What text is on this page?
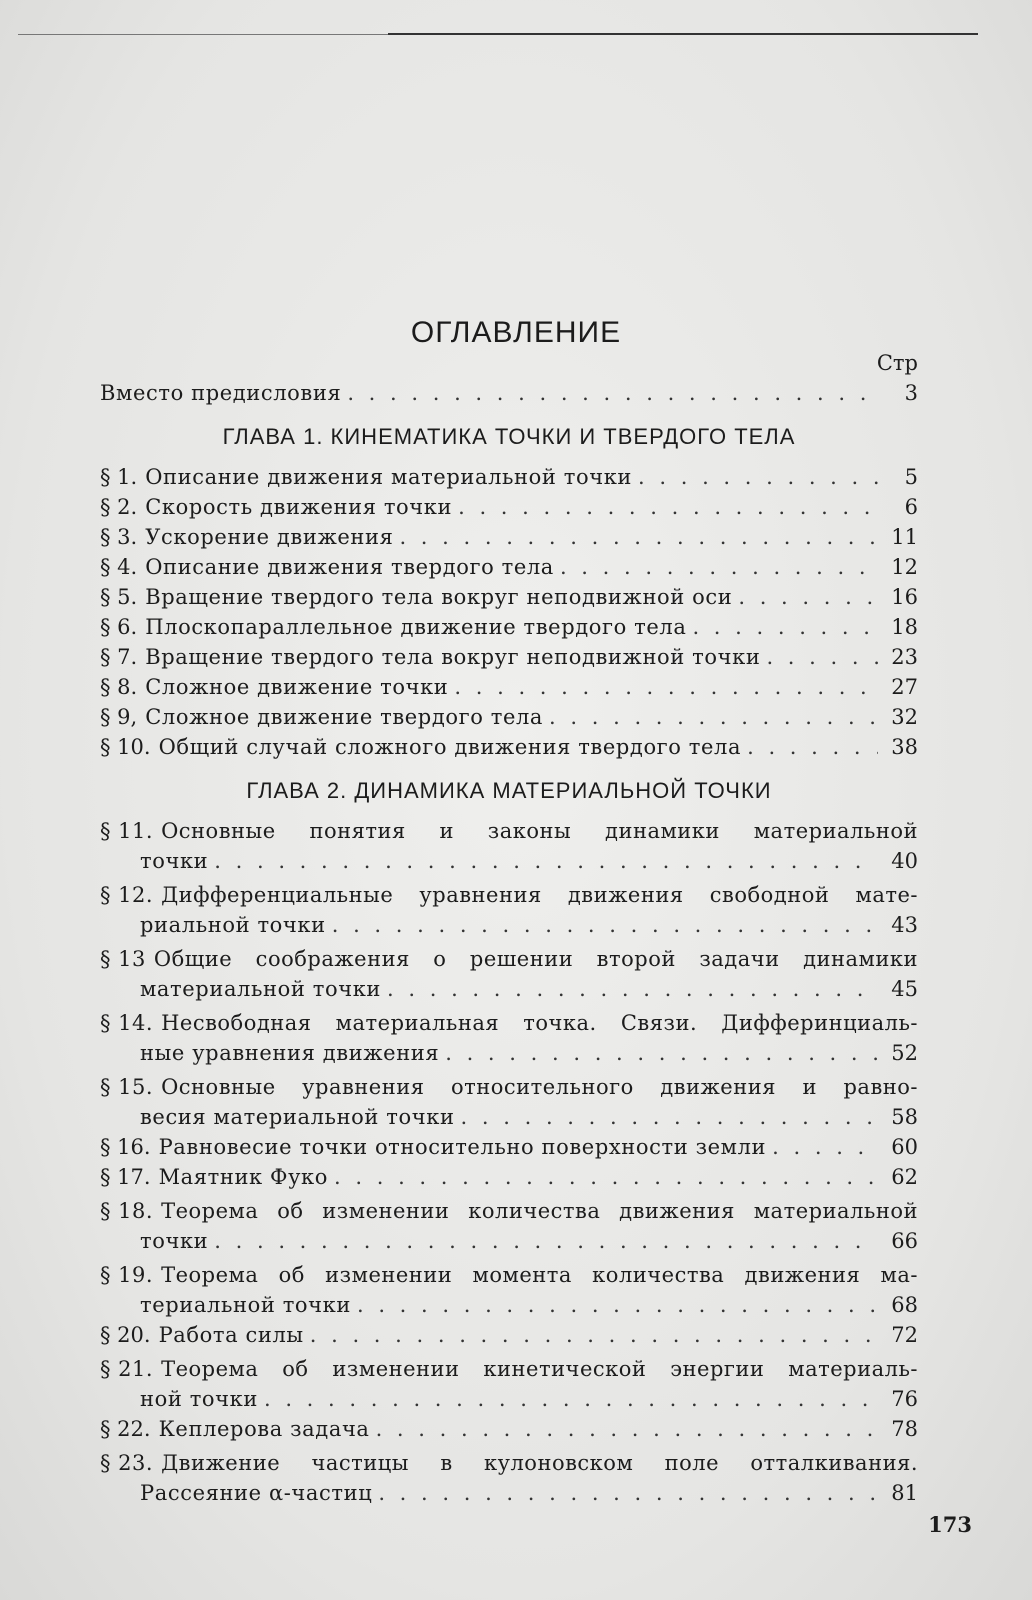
ОГЛАВЛЕНИЕ
Стр
Вместо предисловия . . .	3
ГЛАВА 1. КИНЕМАТИКА ТОЧКИ И ТВЕРДОГО ТЕЛА
§ 1. Описание движения материальной точки . . .	5
§ 2. Скорость движения точки . . .	6
§ 3. Ускорение движения . . .	11
§ 4. Описание движения твердого тела . . .	12
§ 5. Вращение твердого тела вокруг неподвижной оси . . .	16
§ 6. Плоскопараллельное движение твердого тела . . .	18
§ 7. Вращение твердого тела вокруг неподвижной точки . . .	23
§ 8. Сложное движение точки . . .	27
§ 9, Сложное движение твердого тела . . .	32
§ 10. Общий случай сложного движения твердого тела . . .	38
ГЛАВА 2. ДИНАМИКА МАТЕРИАЛЬНОЙ ТОЧКИ
§ 11. Основные понятия и законы динамики материальной
точки . . .	40
§ 12. Дифференциальные уравнения движения свободной мате-
риальной точки . . .	43
§ 13 Общие соображения о решении второй задачи динамики
материальной точки . . .	45
§ 14. Несвободная материальная точка. Связи. Дифферинциаль-
ные уравнения движения . . .	52
§ 15. Основные уравнения относительного движения и равно-
весия материальной точки . . .	58
§ 16. Равновесие точки относительно поверхности земли . . .	60
§ 17. Маятник Фуко . . .	62
§ 18. Теорема об изменении количества движения материальной
точки . . .	66
§ 19. Теорема об изменении момента количества движения ма-
териальной точки . . .	68
§ 20. Работа силы . . .	72
§ 21. Теорема об изменении кинетической энергии материаль-
ной точки . . .	76
§ 22. Кеплерова задача . . .	78
§ 23. Движение частицы в кулоновском поле отталкивания.
Рассеяние α-частиц . . .	81
173
